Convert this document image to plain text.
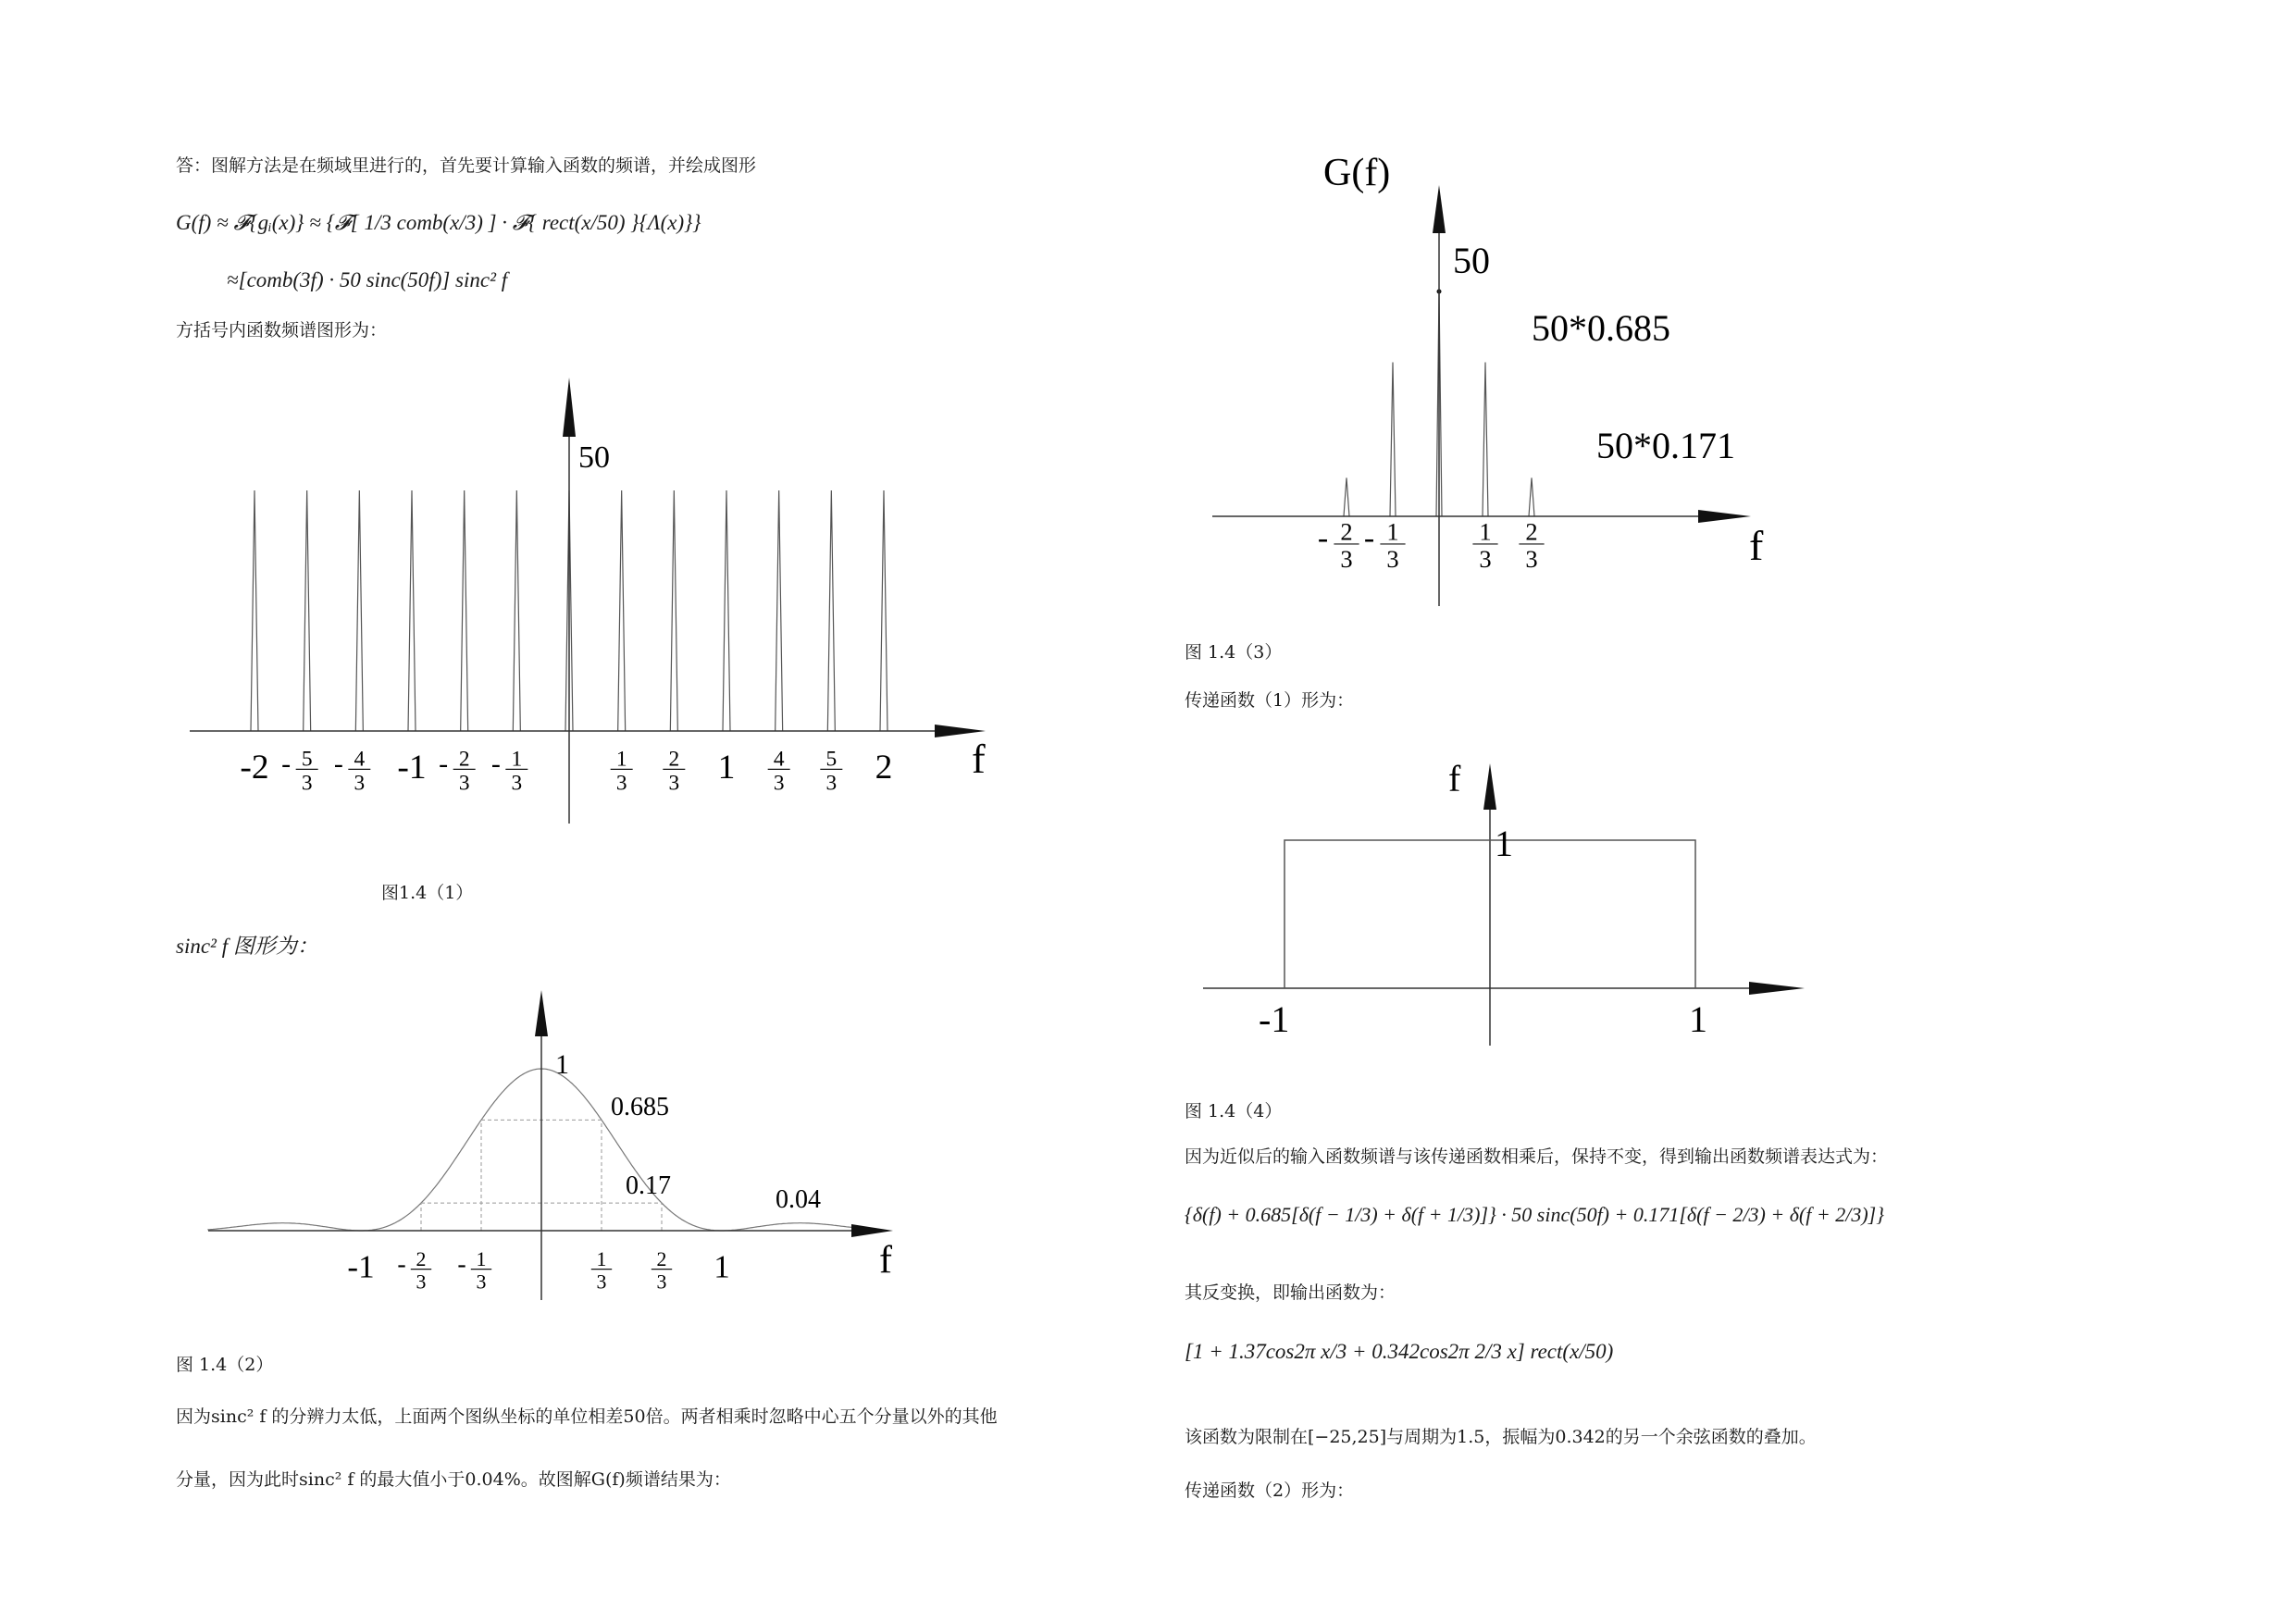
答：图解方法是在频域里进行的，首先要计算输入函数的频谱，并绘成图形
G(f) ≈ 𝓕{gᵢ(x)} ≈ {𝓕[ 1/3 comb(x/3) ] · 𝓕{ rect(x/50) }{Λ(x)}}
≈[comb(3f) · 50 sinc(50f)] sinc² f
方括号内函数频谱图形为：
50
f
-2 - 5
3
- 4
3 -1 - 2
3
- 1
3
1
3
2
3 1 4
3
5
3 2
图1.4（1）
sinc² f 图形为：
1
0.685
0.17	0.04
f
-1 - 2
3
- 1
3
1
3
2
3 1
图 1.4（2）
因为sinc² f 的分辨力太低，上面两个图纵坐标的单位相差50倍。两者相乘时忽略中心五个分量以外的其他
分量，因为此时sinc² f 的最大值小于0.04%。故图解G(f)频谱结果为：
G(f)
50
50*0.685
50*0.171
f
- 2
3
- 1
3
1
3
2
3
图 1.4（3）
传递函数（1）形为：
f
1
-1	1
图 1.4（4）
因为近似后的输入函数频谱与该传递函数相乘后，保持不变，得到输出函数频谱表达式为：
{δ(f) + 0.685[δ(f − 1/3) + δ(f + 1/3)]} · 50 sinc(50f) + 0.171[δ(f − 2/3) + δ(f + 2/3)]}
其反变换，即输出函数为：
[1 + 1.37cos2π x/3 + 0.342cos2π 2/3 x] rect(x/50)
该函数为限制在[−25,25]与周期为1.5，振幅为0.342的另一个余弦函数的叠加。
传递函数（2）形为：
